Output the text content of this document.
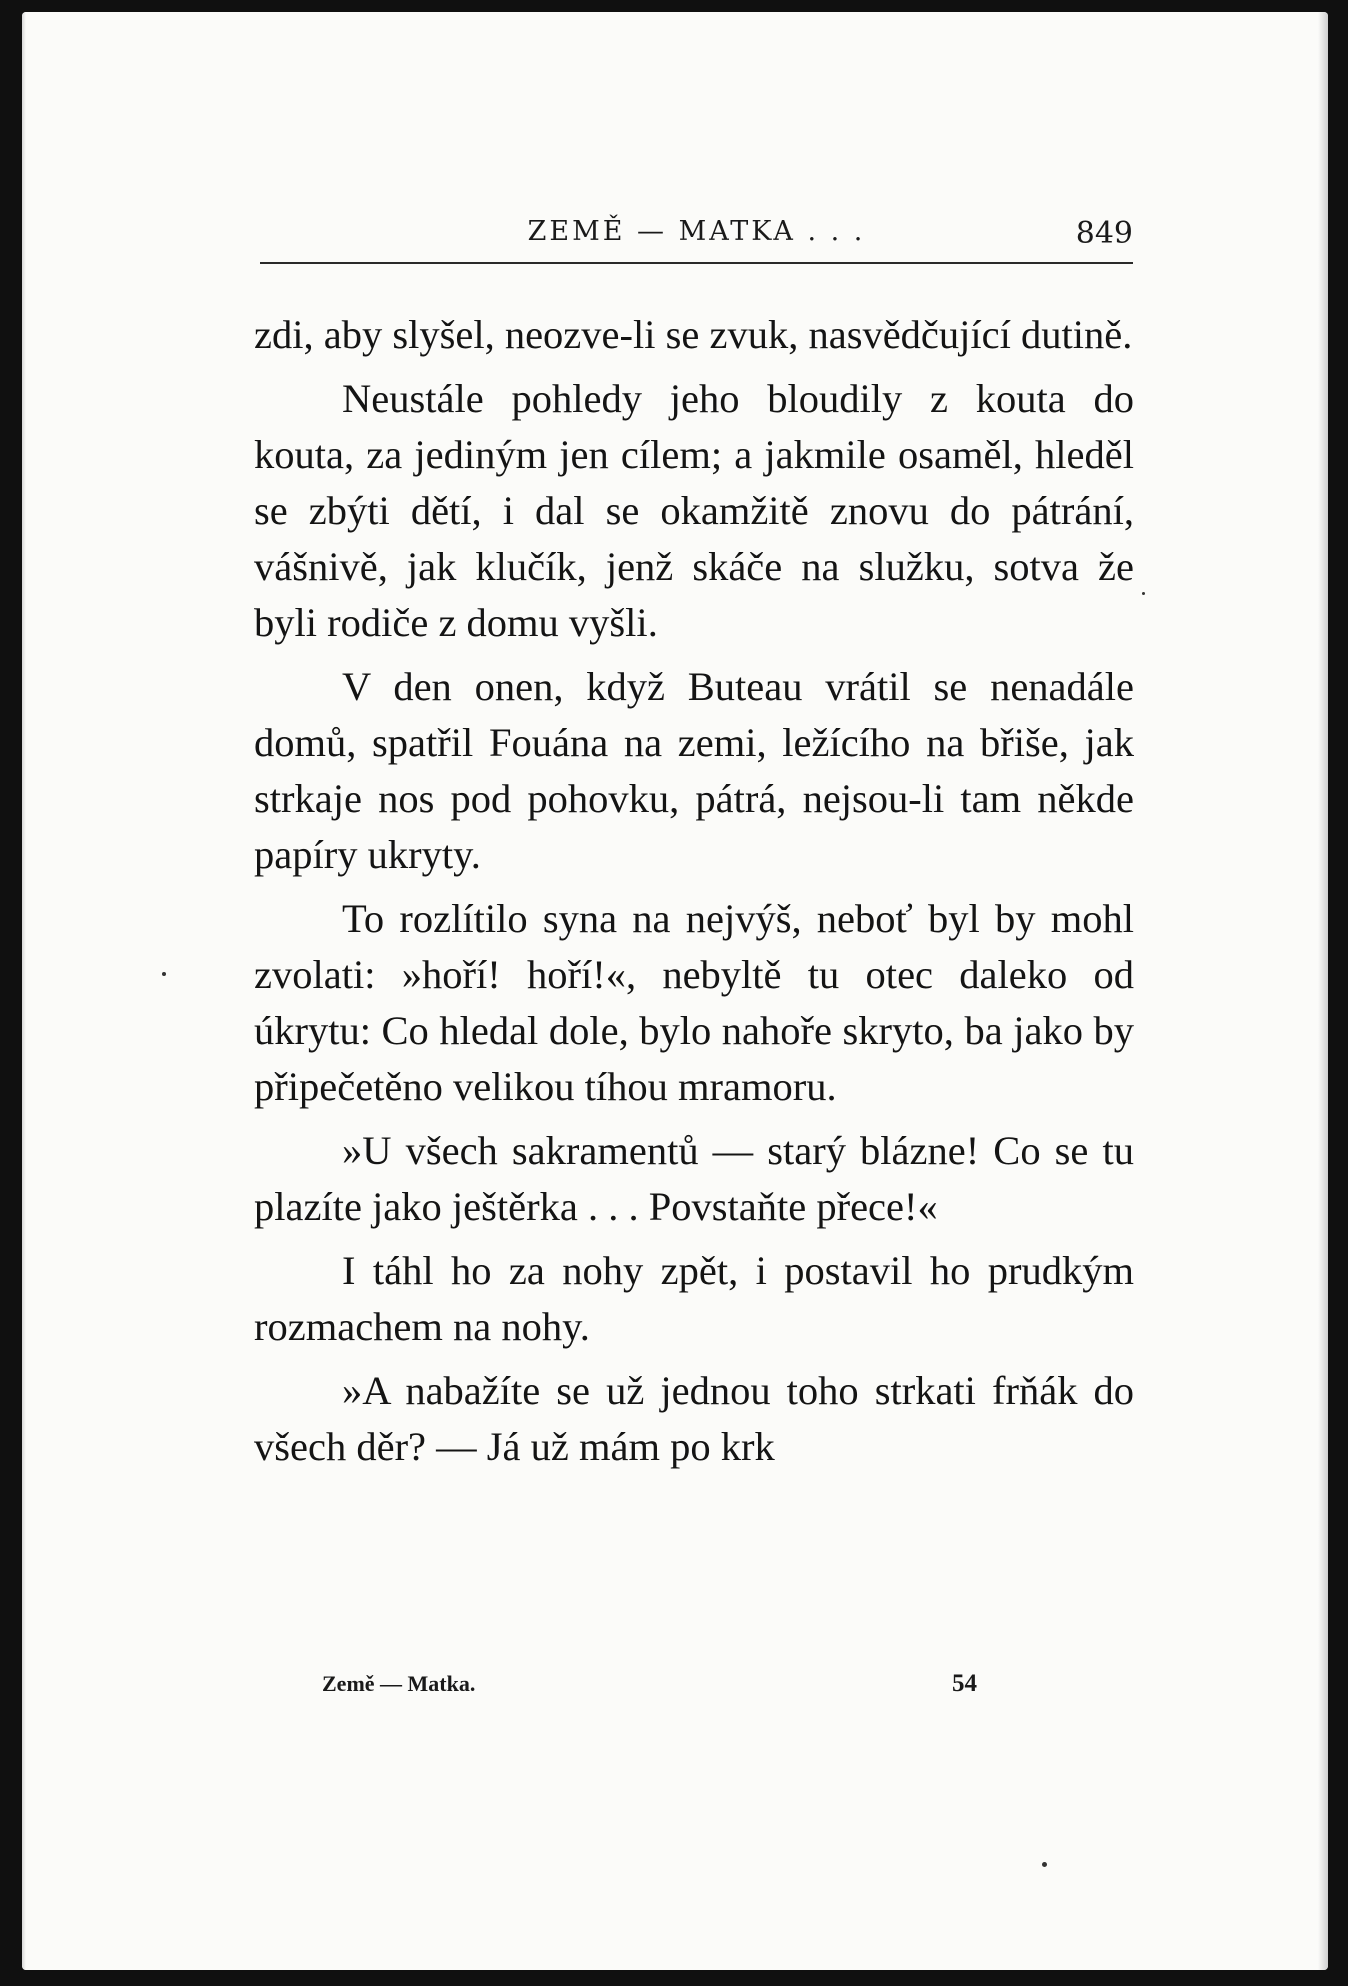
ZEMĚ — MATKA . . .	849

zdi, aby slyšel, neozve-li se zvuk, nasvědčující dutině.

Neustále pohledy jeho bloudily z kouta do kouta, za jediným jen cílem; a jakmile osaměl, hleděl se zbýti dětí, i dal se okamžitě znovu do pátrání, vášnivě, jak klučík, jenž skáče na služku, sotva že byli rodiče z domu vyšli.

V den onen, když Buteau vrátil se nenadále domů, spatřil Fouána na zemi, ležícího na břiše, jak strkaje nos pod pohovku, pátrá, nejsou-li tam někde papíry ukryty.

To rozlítilo syna na nejvýš, neboť byl by mohl zvolati: »hoří! hoří!«, nebyltě tu otec daleko od úkrytu: Co hledal dole, bylo nahoře skryto, ba jako by připečetěno velikou tíhou mramoru.

»U všech sakramentů — starý blázne! Co se tu plazíte jako ještěrka . . . Povstaňte přece!«

I táhl ho za nohy zpět, i postavil ho prudkým rozmachem na nohy.

»A nabažíte se už jednou toho strkati frňák do všech děr? — Já už mám po krk

Země — Matka.	54
